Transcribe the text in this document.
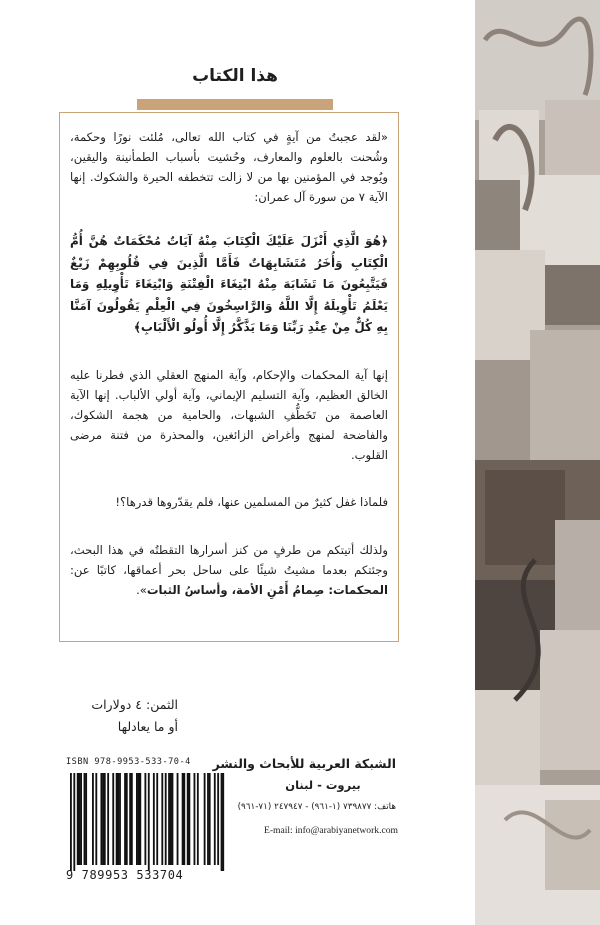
هذا الكتاب

«لقد عجبتُ من آيةٍ في كتاب الله تعالى، مُلئت نورًا وحكمة، وشُحنت بالعلوم والمعارف، وحُشيت بأسباب الطمأنينة واليقين، ويُوجد في المؤمنين بها من لا زالت تتخطفه الحيرة والشكوك. إنها الآية ٧ من سورة آل عمران:

﴿هُوَ الَّذِي أَنْزَلَ عَلَيْكَ الْكِتَابَ مِنْهُ آيَاتٌ مُحْكَمَاتٌ هُنَّ أُمُّ الْكِتَابِ وَأُخَرُ مُتَشَابِهَاتٌ فَأَمَّا الَّذِينَ فِي قُلُوبِهِمْ زَيْغٌ فَيَتَّبِعُونَ مَا تَشَابَهَ مِنْهُ ابْتِغَاءَ الْفِتْنَةِ وَابْتِغَاءَ تَأْوِيلِهِ وَمَا يَعْلَمُ تَأْوِيلَهُ إِلَّا اللَّهُ وَالرَّاسِخُونَ فِي الْعِلْمِ يَقُولُونَ آمَنَّا بِهِ كُلٌّ مِنْ عِنْدِ رَبِّنَا وَمَا يَذَّكَّرُ إِلَّا أُولُو الْأَلْبَابِ﴾

إنها آية المحكمات والإحكام، وآية المنهج العقلي الذي فطرنا عليه الخالق العظيم، وآية التسليم الإيماني، وآية أولي الألباب. إنها الآية العاصمة من تَخَطُّفِ الشبهات، والحامية من هجمة الشكوك، والفاضحة لمنهج وأغراض الزائغين، والمحذرة من فتنة مرضى القلوب.

فلماذا غفل كثيرٌ من المسلمين عنها، فلم يقدّروها قدرها؟!

ولذلك أتيتكم من طرفٍ من كنز أسرارها التقطتُه في هذا البحث، وجئتكم بعدما مشيتُ شيئًا على ساحل بحر أعماقها، كاتبًا عن: المحكمات: صِمامُ أَمْنِ الأمة، وأساسُ الثبات».

الثمن: ٤ دولارات
أو ما يعادلها
ISBN 978-9953-533-70-4
9 789953 533704
الشبكة العربية للأبحاث والنشر
بيروت - لبنان
هاتف: ٧٣٩٨٧٧ (١-٩٦١) - ٢٤٧٩٤٧ (٧١-٩٦١)
E-mail: info@arabiyanetwork.com
